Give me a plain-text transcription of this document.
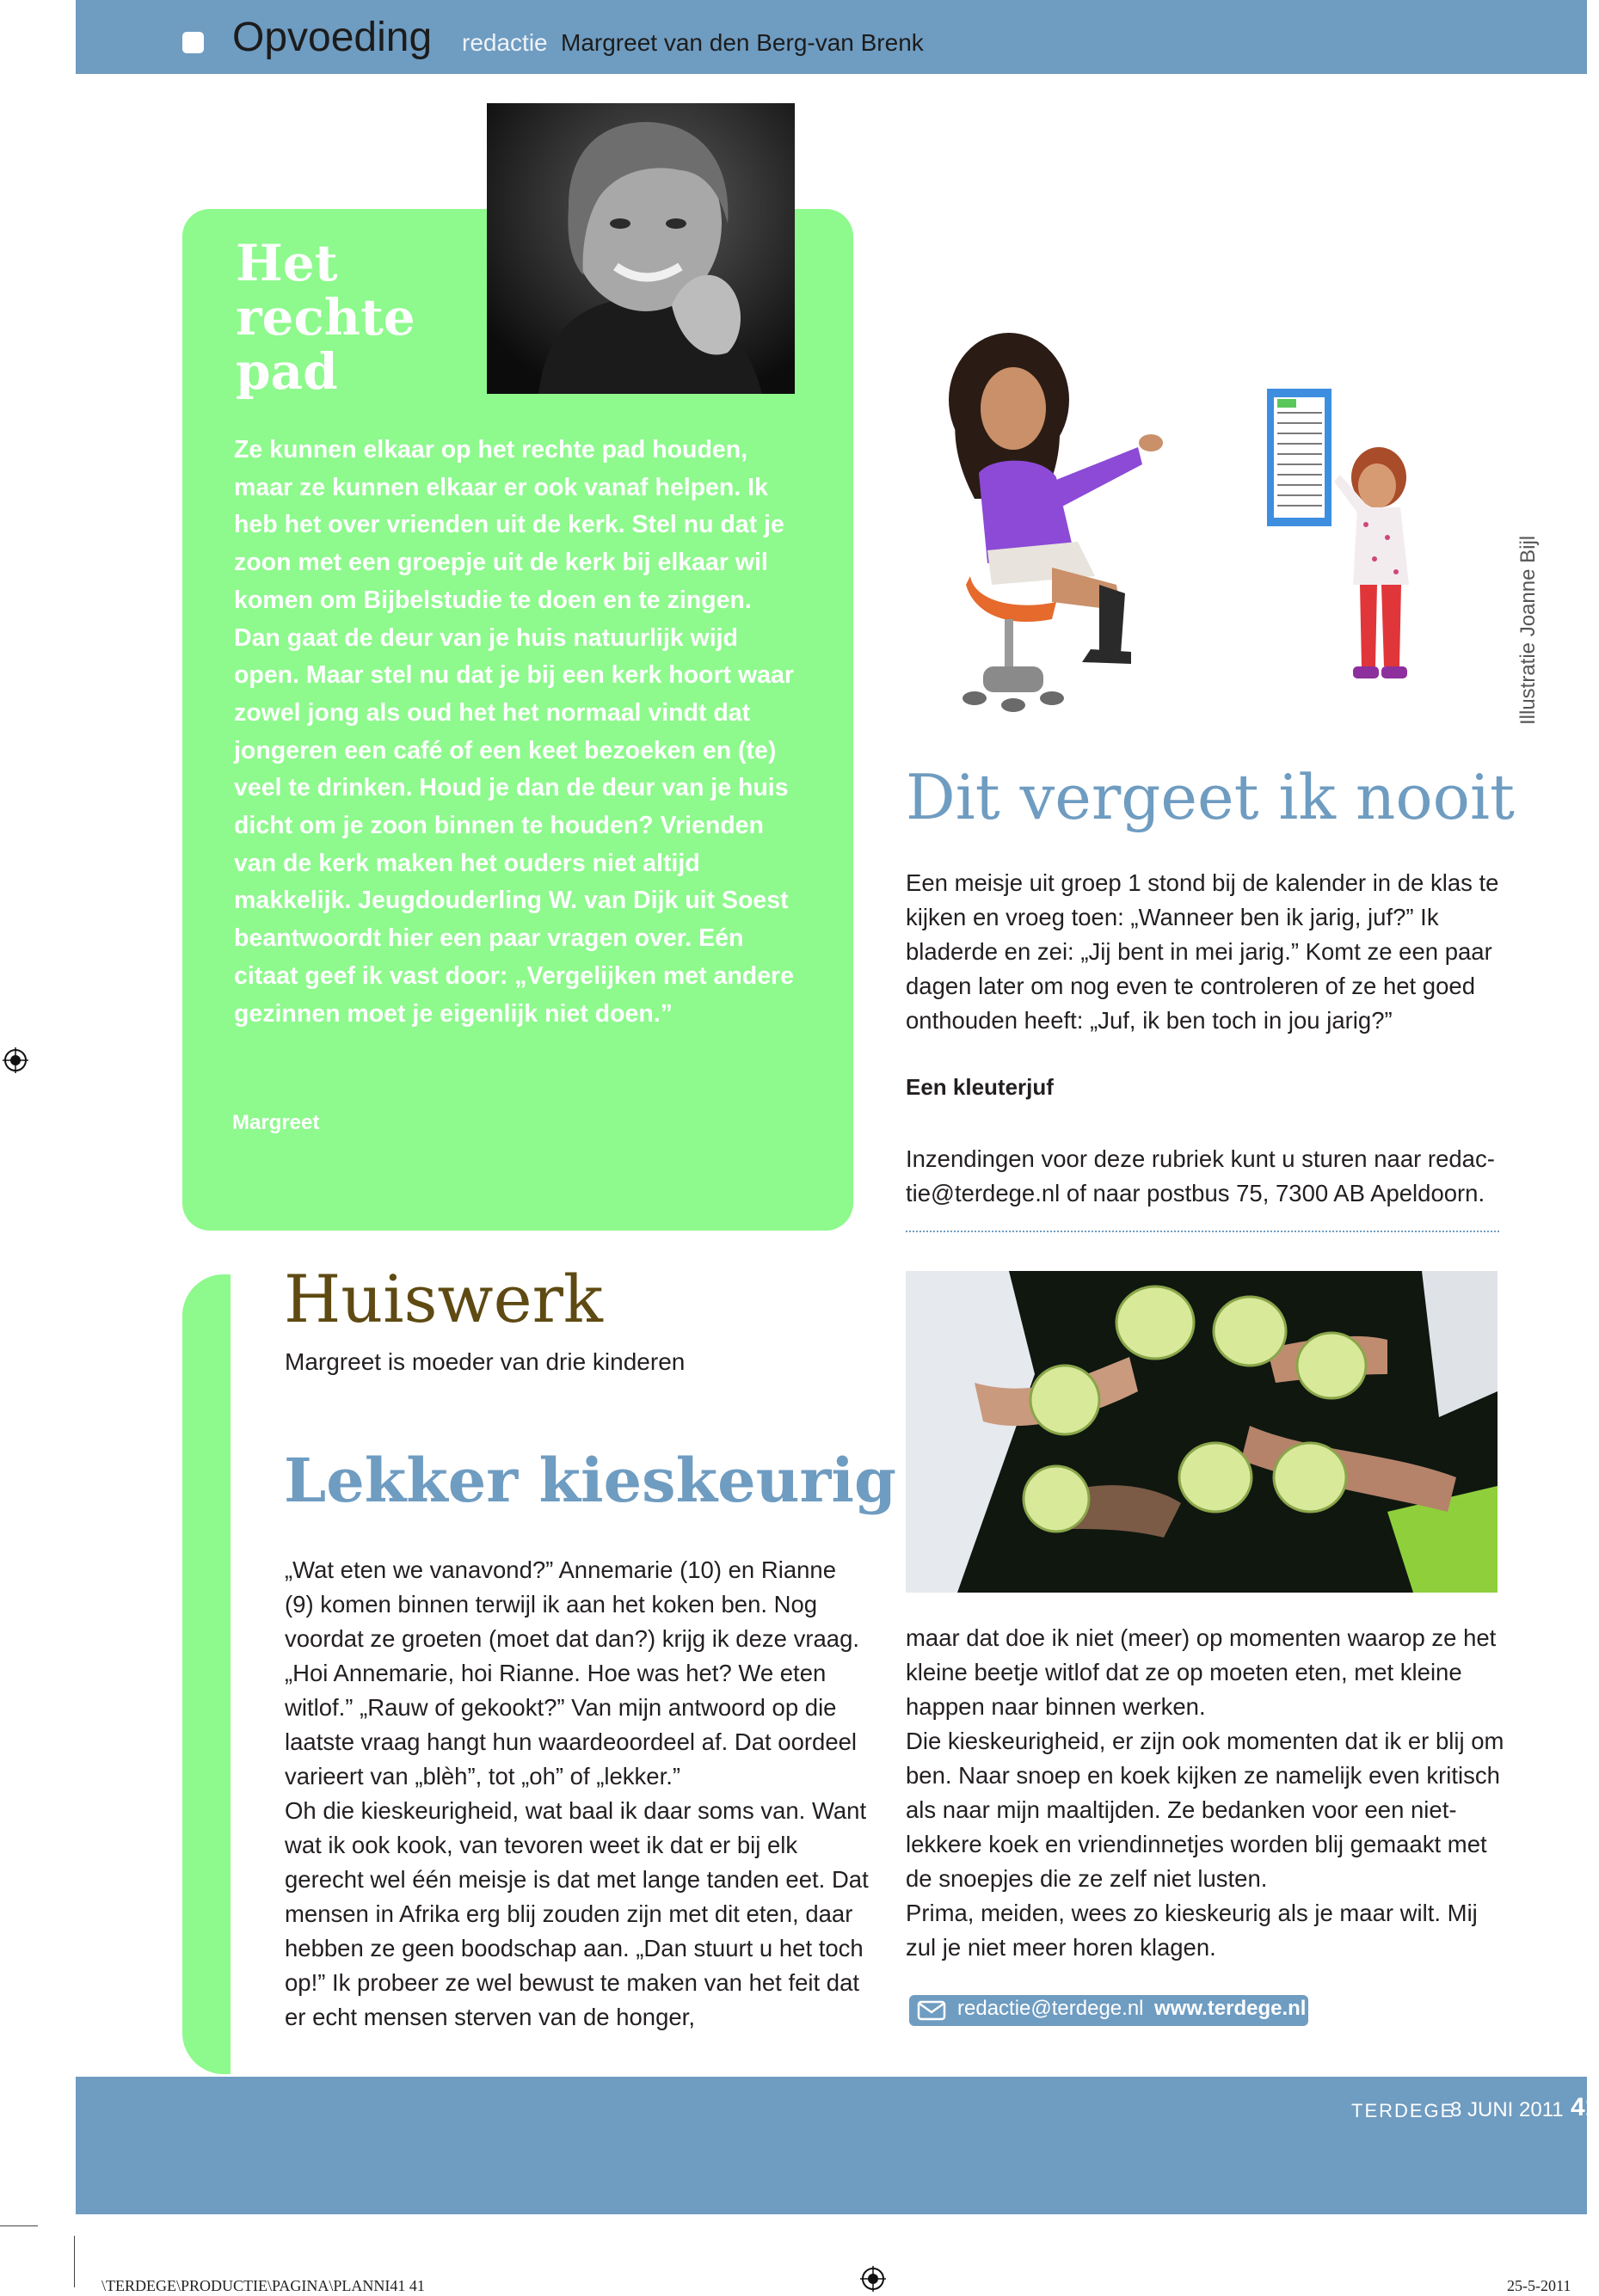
Opvoeding redactie Margreet van den Berg-van Brenk
Het
rechte
pad
Ze kunnen elkaar op het rechte pad houden, maar ze kunnen elkaar er ook vanaf helpen. Ik heb het over vrienden uit de kerk. Stel nu dat je zoon met een groepje uit de kerk bij elkaar wil komen om Bijbelstudie te doen en te zingen. Dan gaat de deur van je huis natuurlijk wijd open. Maar stel nu dat je bij een kerk hoort waar zowel jong als oud het het normaal vindt dat jongeren een café of een keet bezoeken en (te) veel te drinken. Houd je dan de deur van je huis dicht om je zoon binnen te houden? Vrienden van de kerk maken het ouders niet altijd makkelijk. Jeugdouderling W. van Dijk uit Soest beantwoordt hier een paar vragen over. Eén citaat geef ik vast door: „Vergelijken met andere gezinnen moet je eigenlijk niet doen.”
Margreet
Illustratie Joanne Bijl
Dit vergeet ik nooit
Een meisje uit groep 1 stond bij de kalender in de klas te kijken en vroeg toen: „Wanneer ben ik jarig, juf?” Ik bladerde en zei: „Jij bent in mei jarig.” Komt ze een paar dagen later om nog even te controleren of ze het goed onthouden heeft: „Juf, ik ben toch in jou jarig?”
Een kleuterjuf
Inzendingen voor deze rubriek kunt u sturen naar redac-tie@terdege.nl of naar postbus 75, 7300 AB Apeldoorn.
Huiswerk
Margreet is moeder van drie kinderen
Lekker kieskeurig
„Wat eten we vanavond?” Annemarie (10) en Rianne (9) komen binnen terwijl ik aan het koken ben. Nog voordat ze groeten (moet dat dan?) krijg ik deze vraag. „Hoi Annemarie, hoi Rianne. Hoe was het? We eten witlof.” „Rauw of gekookt?” Van mijn antwoord op die laatste vraag hangt hun waardeoordeel af. Dat oordeel varieert van „blèh”, tot „oh” of „lekker.”
Oh die kieskeurigheid, wat baal ik daar soms van. Want wat ik ook kook, van tevoren weet ik dat er bij elk gerecht wel één meisje is dat met lange tanden eet. Dat mensen in Afrika erg blij zouden zijn met dit eten, daar hebben ze geen boodschap aan. „Dan stuurt u het toch op!” Ik probeer ze wel bewust te maken van het feit dat er echt mensen sterven van de honger,
maar dat doe ik niet (meer) op momenten waarop ze het kleine beetje witlof dat ze op moeten eten, met kleine happen naar binnen werken.
Die kieskeurigheid, er zijn ook momenten dat ik er blij om ben. Naar snoep en koek kijken ze namelijk even kritisch als naar mijn maaltijden. Ze bedanken voor een niet-lekkere koek en vriendinnetjes worden blij gemaakt met de snoepjes die ze zelf niet lusten.
Prima, meiden, wees zo kieskeurig als je maar wilt. Mij zul je niet meer horen klagen.
redactie@terdege.nl www.terdege.nl
TERDEGE
8 JUNI 2011 41
\TERDEGE\PRODUCTIE\PAGINA\PLANNI41 41	25-5-2011
